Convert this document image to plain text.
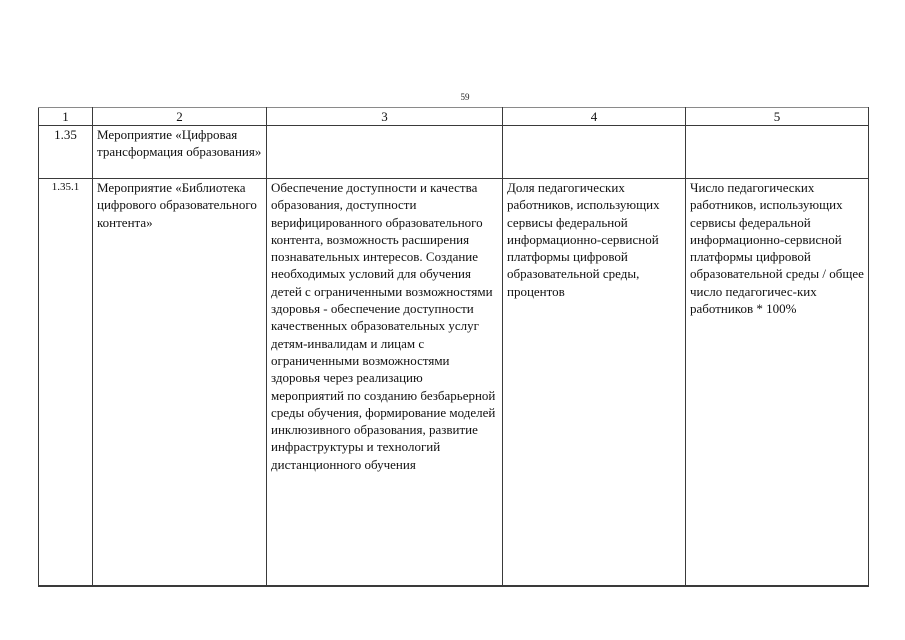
59
1	2	3	4	5
1.35	Мероприятие «Цифровая трансформация образования»			
1.35.1	Мероприятие «Библиотека цифрового образовательного контента»	Обеспечение доступности и качества образования, доступности верифицированного образовательного контента, возможность расширения познавательных интересов. Создание необходимых условий для обучения детей с ограниченными возможностями здоровья - обеспечение доступности качественных образовательных услуг детям-инвалидам и лицам с ограниченными возможностями здоровья через реализацию мероприятий по созданию безбарьерной среды обучения, формирование моделей инклюзивного образования, развитие инфраструктуры и технологий дистанционного обучения	Доля педагогических работников, использующих сервисы федеральной информационно-сервисной платформы цифровой образовательной среды, процентов	Число педагогических работников, использующих сервисы федеральной информационно-сервисной платформы цифровой образовательной среды / общее число педагогичес-ких работников * 100%
